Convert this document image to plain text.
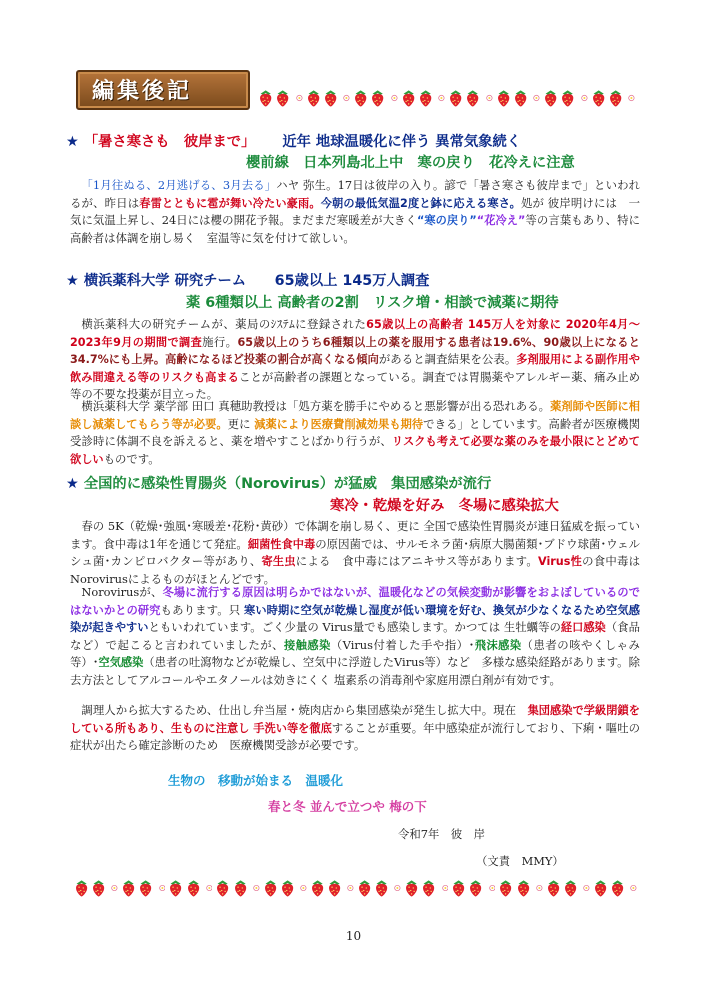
編集後記
★ 「暑さ寒さも　彼岸まで」 近年 地球温暖化に伴う 異常気象続く
櫻前線　日本列島北上中　寒の戻り　花冷えに注意

「1月往ぬる、2月逃げる、3月去る」ハヤ 弥生。17日は彼岸の入り。諺で「暑さ寒さも彼岸まで」といわれるが、昨日は春雷とともに雹が舞い冷たい豪雨。今朝の最低気温2度と鉢に応える寒さ。処が 彼岸明けには　一気に気温上昇し、24日には櫻の開花予報。まだまだ寒暖差が大きく“寒の戻り”“花冷え”等の言葉もあり、特に高齢者は体調を崩し易く　室温等に気を付けて欲しい。

★ 横浜薬科大学 研究チーム　　65歳以上 145万人調査
薬 6種類以上 高齢者の2割　リスク増・相談で減薬に期待

横浜薬科大の研究チームが、薬局のｼｽﾃﾑに登録された65歳以上の高齢者 145万人を対象に 2020年4月～2023年9月の期間で調査施行。65歳以上のうち6種類以上の薬を服用する患者は19.6%、90歳以上になると34.7%にも上昇。高齢になるほど投薬の割合が高くなる傾向があると調査結果を公表。多剤服用による副作用や飲み間違える等のリスクも高まることが高齢者の課題となっている。調査では胃腸薬やアレルギー薬、痛み止め等の不要な投薬が目立った。

横浜薬科大学 薬学部 田口 真穂助教授は「処方薬を勝手にやめると悪影響が出る恐れある。薬剤師や医師に相談し減薬してもらう等が必要。更に 減薬により医療費削減効果も期待できる」としています。高齢者が医療機関受診時に体調不良を訴えると、薬を増やすことばかり行うが、リスクも考えて必要な薬のみを最小限にとどめて欲しいものです。

★ 全国的に感染性胃腸炎（Norovirus）が猛威　集団感染が流行
寒冷・乾燥を好み　冬場に感染拡大

春の 5K（乾燥･強風･寒暖差･花粉･黄砂）で体調を崩し易く、更に 全国で感染性胃腸炎が連日猛威を振っています。食中毒は1年を通じて発症。細菌性食中毒の原因菌では、サルモネラ菌･病原大腸菌類･ブドウ球菌･ウェルシュ菌･カンピロバクター等があり、寄生虫による　食中毒にはアニキサス等があります。Virus性の食中毒はNorovirusによるものがほとんどです。

Norovirusが、冬場に流行する原因は明らかではないが、温暖化などの気候変動が影響をおよぼしているのではないかとの研究もあります。只 寒い時期に空気が乾燥し湿度が低い環境を好む、換気が少なくなるため空気感染が起きやすいともいわれています。ごく少量の Virus量でも感染します。かつては 生牡蠣等の経口感染（食品など）で起こると言われていましたが、接触感染（Virus付着した手や指）･飛沫感染（患者の咳やくしゃみ等）･空気感染（患者の吐瀉物などが乾燥し、空気中に浮遊したVirus等）など　多様な感染経路があります。除去方法としてアルコールやエタノールは効きにくく 塩素系の消毒剤や家庭用漂白剤が有効です。

調理人から拡大するため、仕出し弁当屋・焼肉店から集団感染が発生し拡大中。現在　集団感染で学級閉鎖をしている所もあり、生ものに注意し 手洗い等を徹底することが重要。年中感染症が流行しており、下痢・嘔吐の症状が出たら確定診断のため　医療機関受診が必要です。

生物の　移動が始まる　温暖化
春と冬 並んで立つや 梅の下
令和7年　彼　岸
（文責　MMY）
10
